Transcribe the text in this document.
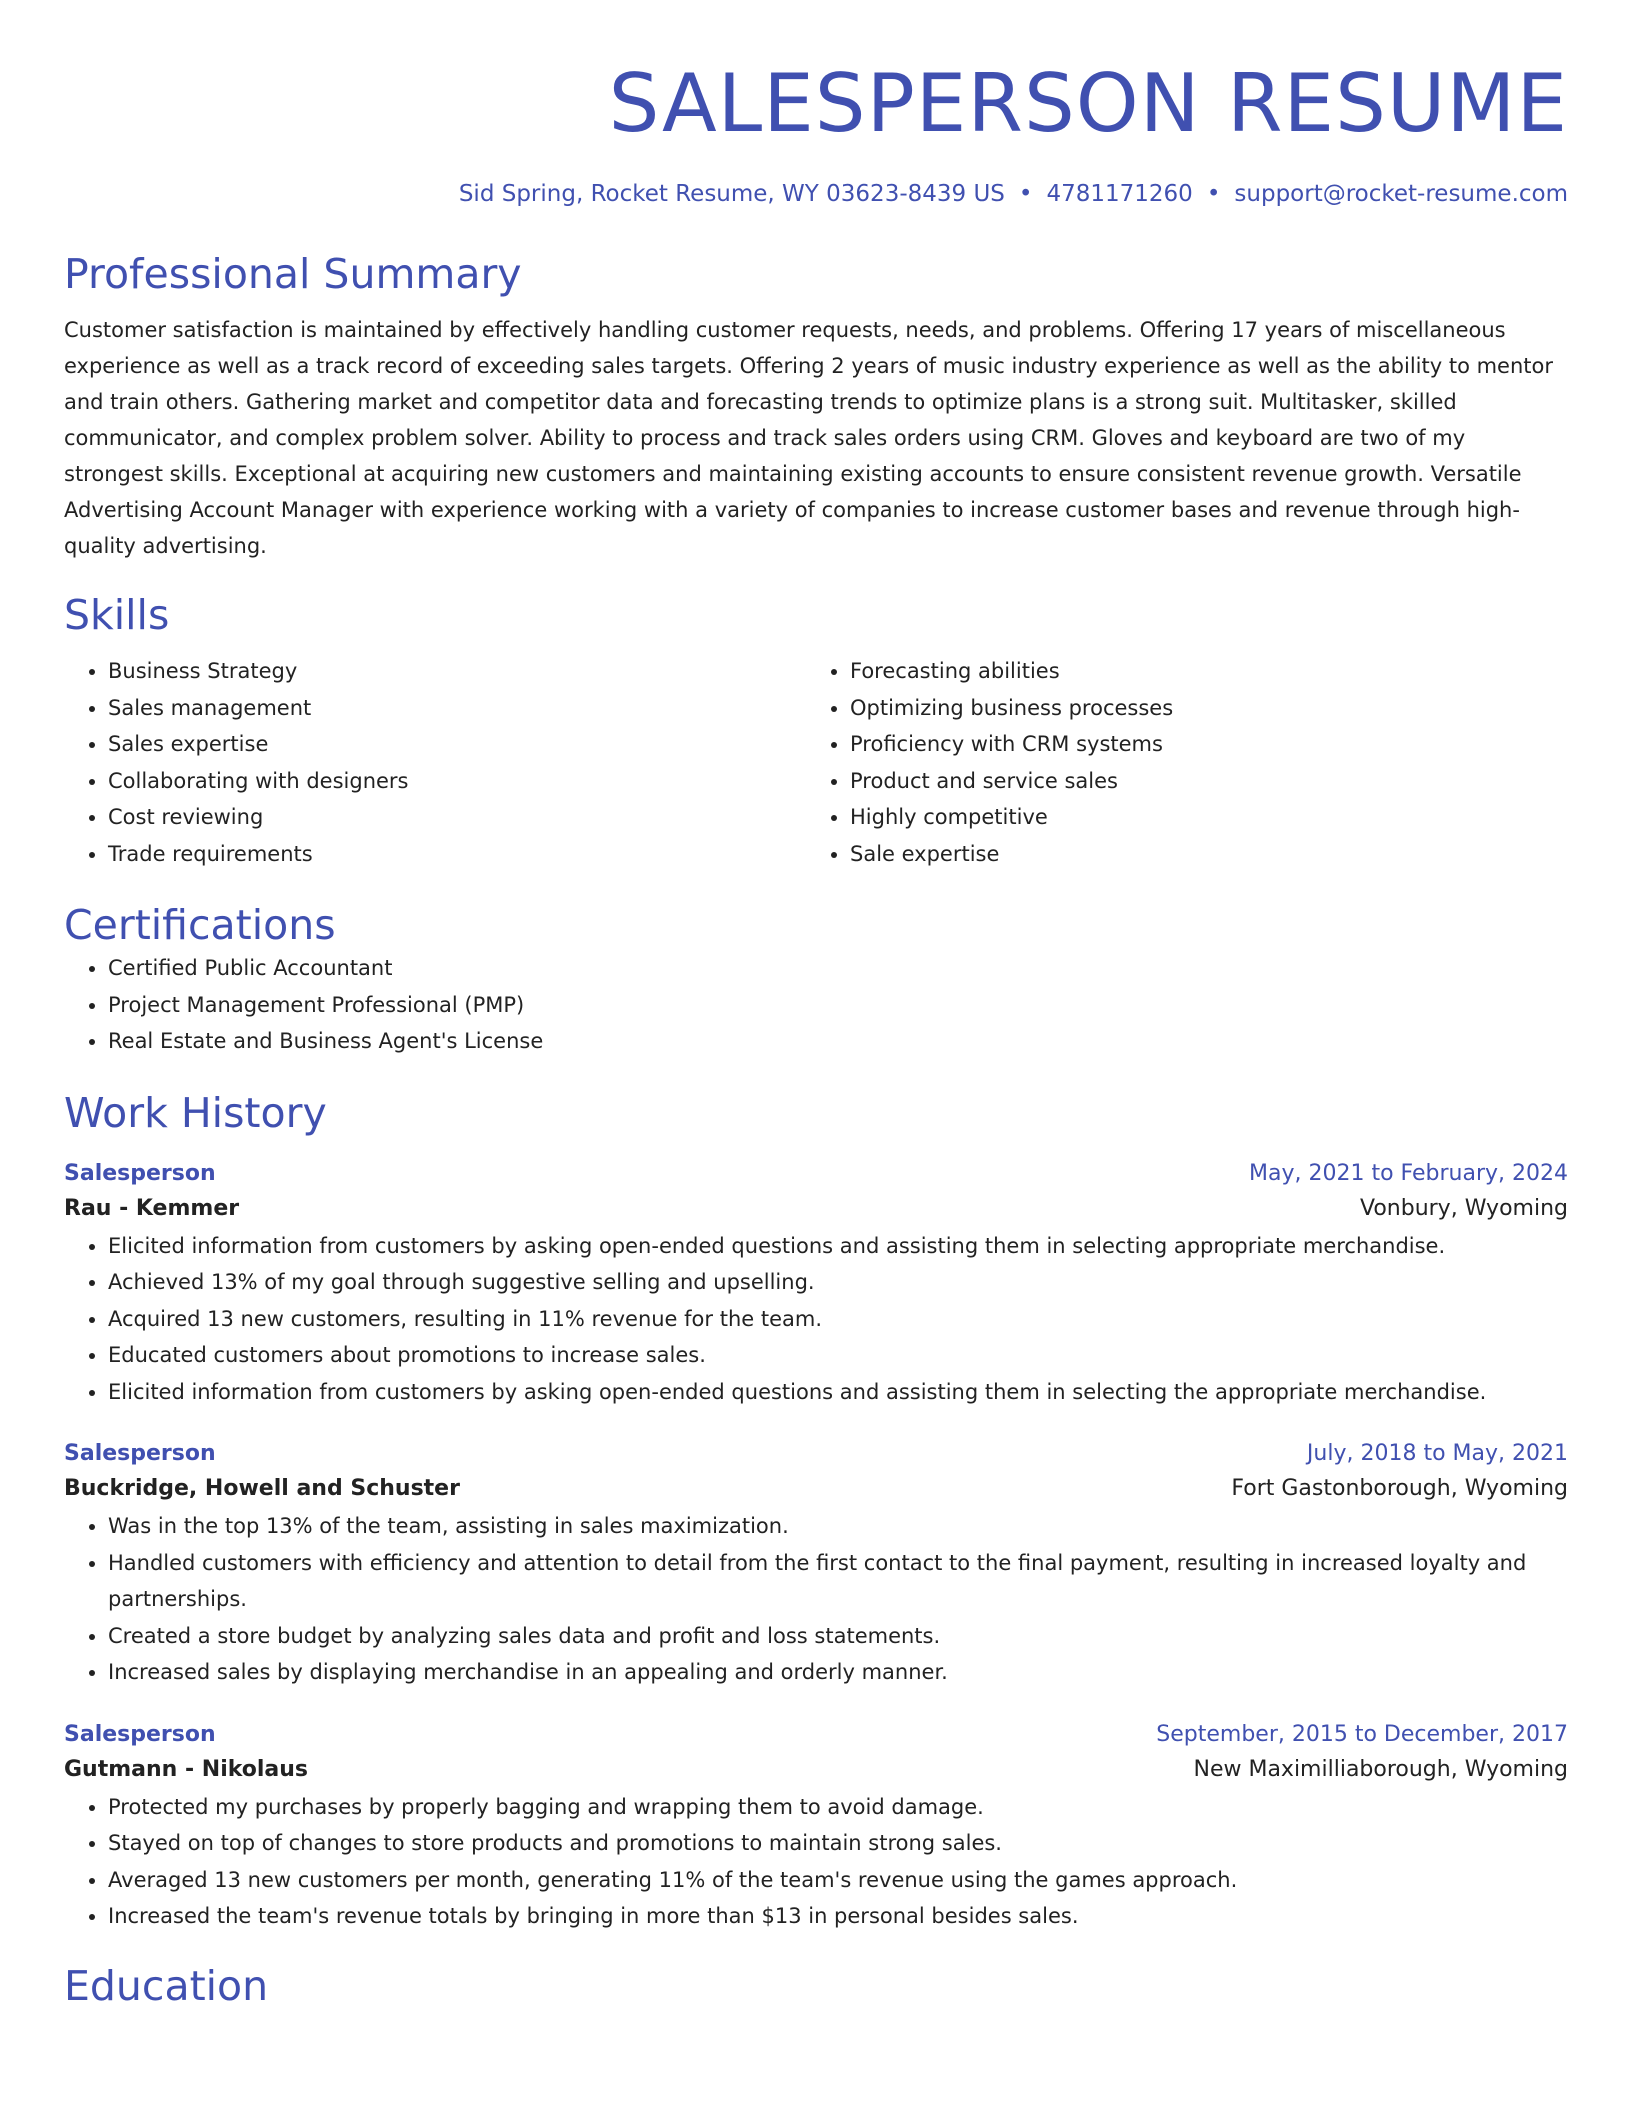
SALESPERSON RESUME
Sid Spring, Rocket Resume, WY 03623-8439 US • 4781171260 • support@rocket-resume.com
Professional Summary
Customer satisfaction is maintained by effectively handling customer requests, needs, and problems. Offering 17 years of miscellaneous experience as well as a track record of exceeding sales targets. Offering 2 years of music industry experience as well as the ability to mentor and train others. Gathering market and competitor data and forecasting trends to optimize plans is a strong suit. Multitasker, skilled communicator, and complex problem solver. Ability to process and track sales orders using CRM. Gloves and keyboard are two of my strongest skills. Exceptional at acquiring new customers and maintaining existing accounts to ensure consistent revenue growth. Versatile Advertising Account Manager with experience working with a variety of companies to increase customer bases and revenue through high-quality advertising.
Skills
• Business Strategy
• Sales management
• Sales expertise
• Collaborating with designers
• Cost reviewing
• Trade requirements
• Forecasting abilities
• Optimizing business processes
• Proficiency with CRM systems
• Product and service sales
• Highly competitive
• Sale expertise
Certifications
• Certified Public Accountant
• Project Management Professional (PMP)
• Real Estate and Business Agent's License
Work History
Salesperson	May, 2021 to February, 2024
Rau - Kemmer	Vonbury, Wyoming
• Elicited information from customers by asking open-ended questions and assisting them in selecting appropriate merchandise.
• Achieved 13% of my goal through suggestive selling and upselling.
• Acquired 13 new customers, resulting in 11% revenue for the team.
• Educated customers about promotions to increase sales.
• Elicited information from customers by asking open-ended questions and assisting them in selecting the appropriate merchandise.
Salesperson	July, 2018 to May, 2021
Buckridge, Howell and Schuster	Fort Gastonborough, Wyoming
• Was in the top 13% of the team, assisting in sales maximization.
• Handled customers with efficiency and attention to detail from the first contact to the final payment, resulting in increased loyalty and partnerships.
• Created a store budget by analyzing sales data and profit and loss statements.
• Increased sales by displaying merchandise in an appealing and orderly manner.
Salesperson	September, 2015 to December, 2017
Gutmann - Nikolaus	New Maximilliaborough, Wyoming
• Protected my purchases by properly bagging and wrapping them to avoid damage.
• Stayed on top of changes to store products and promotions to maintain strong sales.
• Averaged 13 new customers per month, generating 11% of the team's revenue using the games approach.
• Increased the team's revenue totals by bringing in more than $13 in personal besides sales.
Education
